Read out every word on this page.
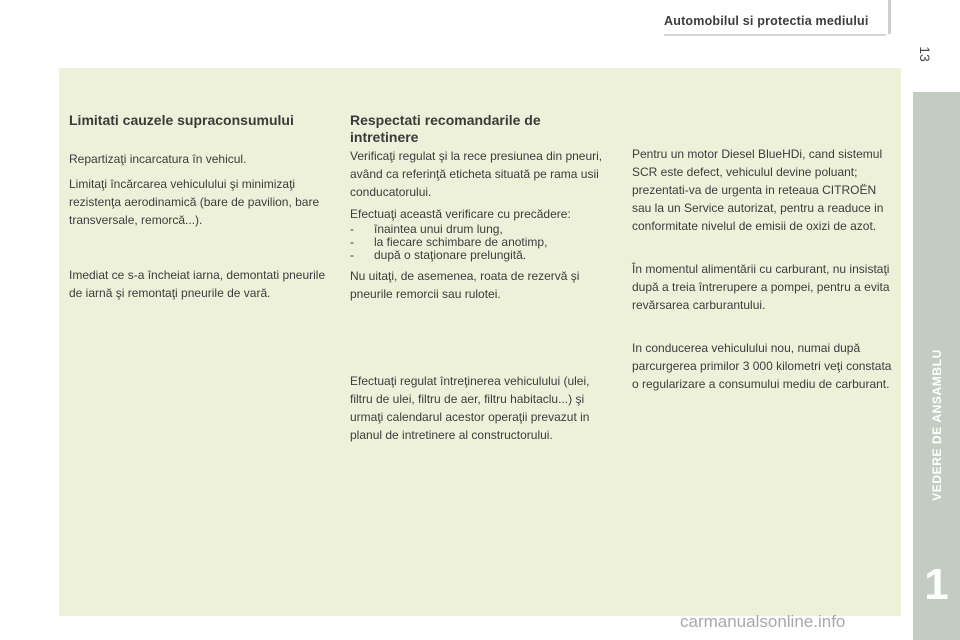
Automobilul si protectia mediului
13
VEDERE DE ANSAMBLU
1
Limitati cauzele supraconsumului

Repartizaţi incarcatura în vehicul.

Limitaţi încărcarea vehiculului şi minimizaţi rezistenţa aerodinamică (bare de pavilion, bare transversale, remorcă...).

Imediat ce s-a încheiat iarna, demontati pneurile de iarnă şi remontaţi pneurile de vară.

Respectati recomandarile de intretinere

Verificaţi regulat şi la rece presiunea din pneuri, având ca referinţă eticheta situată pe rama usii conducatorului.

Efectuaţi această verificare cu precădere:

- înaintea unui drum lung,
- la fiecare schimbare de anotimp,
- după o staţionare prelungită.

Nu uitaţi, de asemenea, roata de rezervă şi pneurile remorcii sau rulotei.

Efectuaţi regulat întreţinerea vehiculului (ulei, filtru de ulei, filtru de aer, filtru habitaclu...) şi urmaţi calendarul acestor operaţii prevazut in planul de intretinere al constructorului.

Pentru un motor Diesel BlueHDi, cand sistemul SCR este defect, vehiculul devine poluant; prezentati-va de urgenta in reteaua CITROËN sau la un Service autorizat, pentru a readuce in conformitate nivelul de emisii de oxizi de azot.

În momentul alimentării cu carburant, nu insistaţi după a treia întrerupere a pompei, pentru a evita revărsarea carburantului.

In conducerea vehiculului nou, numai după parcurgerea primilor 3 000 kilometri veţi constata o regularizare a consumului mediu de carburant.

carmanualsonline.info
